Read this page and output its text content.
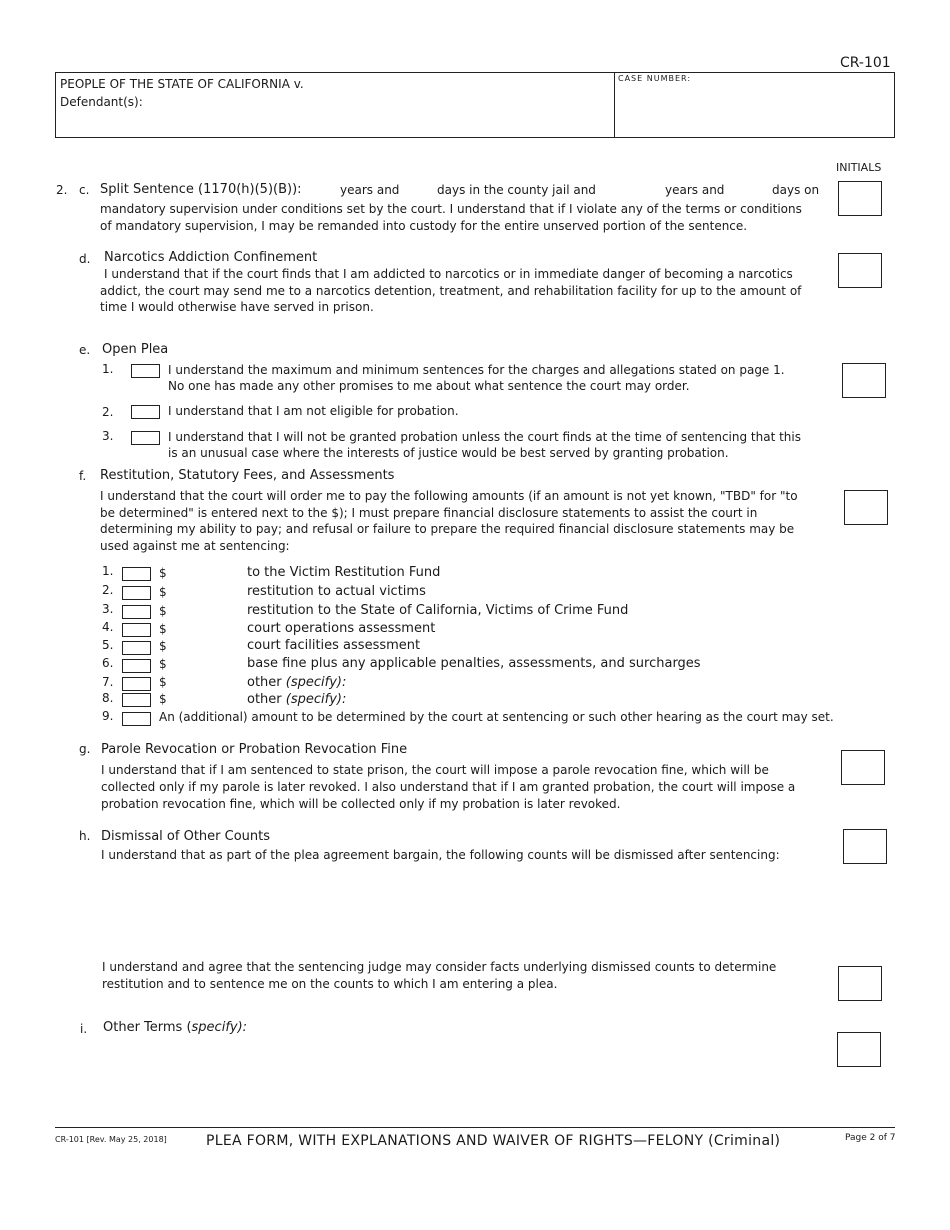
CR-101
PEOPLE OF THE STATE OF CALIFORNIA v.
Defendant(s):
CASE NUMBER:
INITIALS
2. c. Split Sentence (1170(h)(5)(B)):	years and	days in the county jail and	years and	days on
mandatory supervision under conditions set by the court. I understand that if I violate any of the terms or conditions
of mandatory supervision, I may be remanded into custody for the entire unserved portion of the sentence.
d. Narcotics Addiction Confinement
I understand that if the court finds that I am addicted to narcotics or in immediate danger of becoming a narcotics
addict, the court may send me to a narcotics detention, treatment, and rehabilitation facility for up to the amount of
time I would otherwise have served in prison.
e. Open Plea
1.	I understand the maximum and minimum sentences for the charges and allegations stated on page 1.
No one has made any other promises to me about what sentence the court may order.
2.	I understand that I am not eligible for probation.
3.	I understand that I will not be granted probation unless the court finds at the time of sentencing that this
is an unusual case where the interests of justice would be best served by granting probation.
f. Restitution, Statutory Fees, and Assessments
I understand that the court will order me to pay the following amounts (if an amount is not yet known, "TBD" for "to
be determined" is entered next to the $); I must prepare financial disclosure statements to assist the court in
determining my ability to pay; and refusal or failure to prepare the required financial disclosure statements may be
used against me at sentencing:
1.	$	to the Victim Restitution Fund
2.	$	restitution to actual victims
3.	$	restitution to the State of California, Victims of Crime Fund
4.	$	court operations assessment
5.	$	court facilities assessment
6.	$	base fine plus any applicable penalties, assessments, and surcharges
7.	$	other (specify):
8.	$	other (specify):
9.	An (additional) amount to be determined by the court at sentencing or such other hearing as the court may set.
g. Parole Revocation or Probation Revocation Fine
I understand that if I am sentenced to state prison, the court will impose a parole revocation fine, which will be
collected only if my parole is later revoked. I also understand that if I am granted probation, the court will impose a
probation revocation fine, which will be collected only if my probation is later revoked.
h. Dismissal of Other Counts
I understand that as part of the plea agreement bargain, the following counts will be dismissed after sentencing:
I understand and agree that the sentencing judge may consider facts underlying dismissed counts to determine
restitution and to sentence me on the counts to which I am entering a plea.
i. Other Terms (specify):
CR-101 [Rev. May 25, 2018]	PLEA FORM, WITH EXPLANATIONS AND WAIVER OF RIGHTS—FELONY (Criminal)	Page 2 of 7
